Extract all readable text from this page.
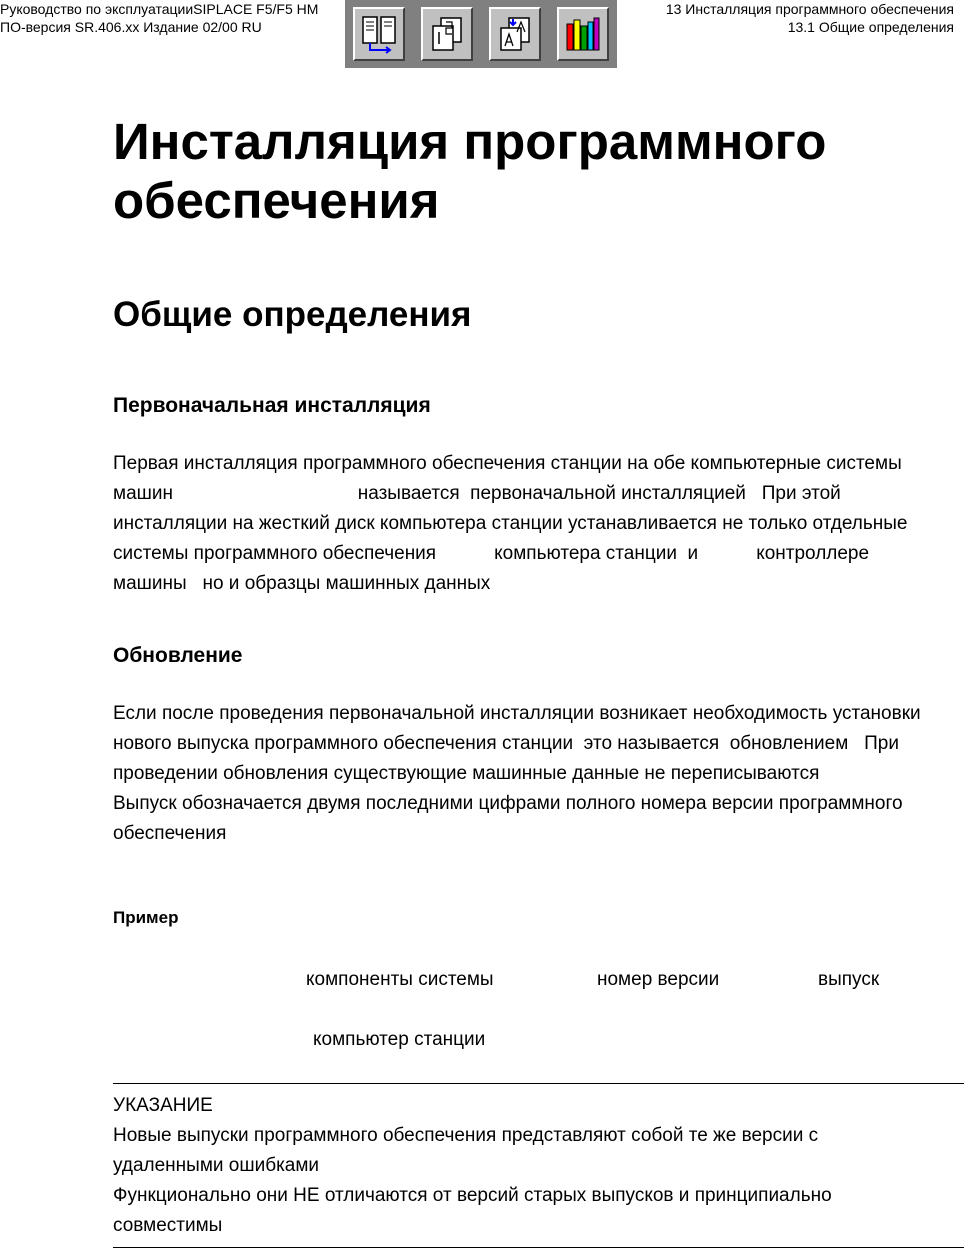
Руководство по эксплуатацииSIPLACE F5/F5 HM
ПО-версия SR.406.xx Издание 02/00 RU
13 Инсталляция программного обеспечения
13.1 Общие определения
Инсталляция программного
обеспечения
Общие определения
Первоначальная инсталляция
Первая инсталляция программного обеспечения станции на обе компьютерные системы
машин                                   называется  первоначальной инсталляцией   При этой
инсталляции на жесткий диск компьютера станции устанавливается не только отдельные
системы программного обеспечения           компьютера станции  и           контроллере
машины   но и образцы машинных данных
Обновление
Если после проведения первоначальной инсталляции возникает необходимость установки
нового выпуска программного обеспечения станции  это называется  обновлением   При
проведении обновления существующие машинные данные не переписываются
Выпуск обозначается двумя последними цифрами полного номера версии программного
обеспечения
Пример
компоненты системы	номер версии	выпуск
компьютер станции
УКАЗАНИЕ
Новые выпуски программного обеспечения представляют собой те же версии с
удаленными ошибками
Функционально они НЕ отличаются от версий старых выпусков и принципиально
совместимы
